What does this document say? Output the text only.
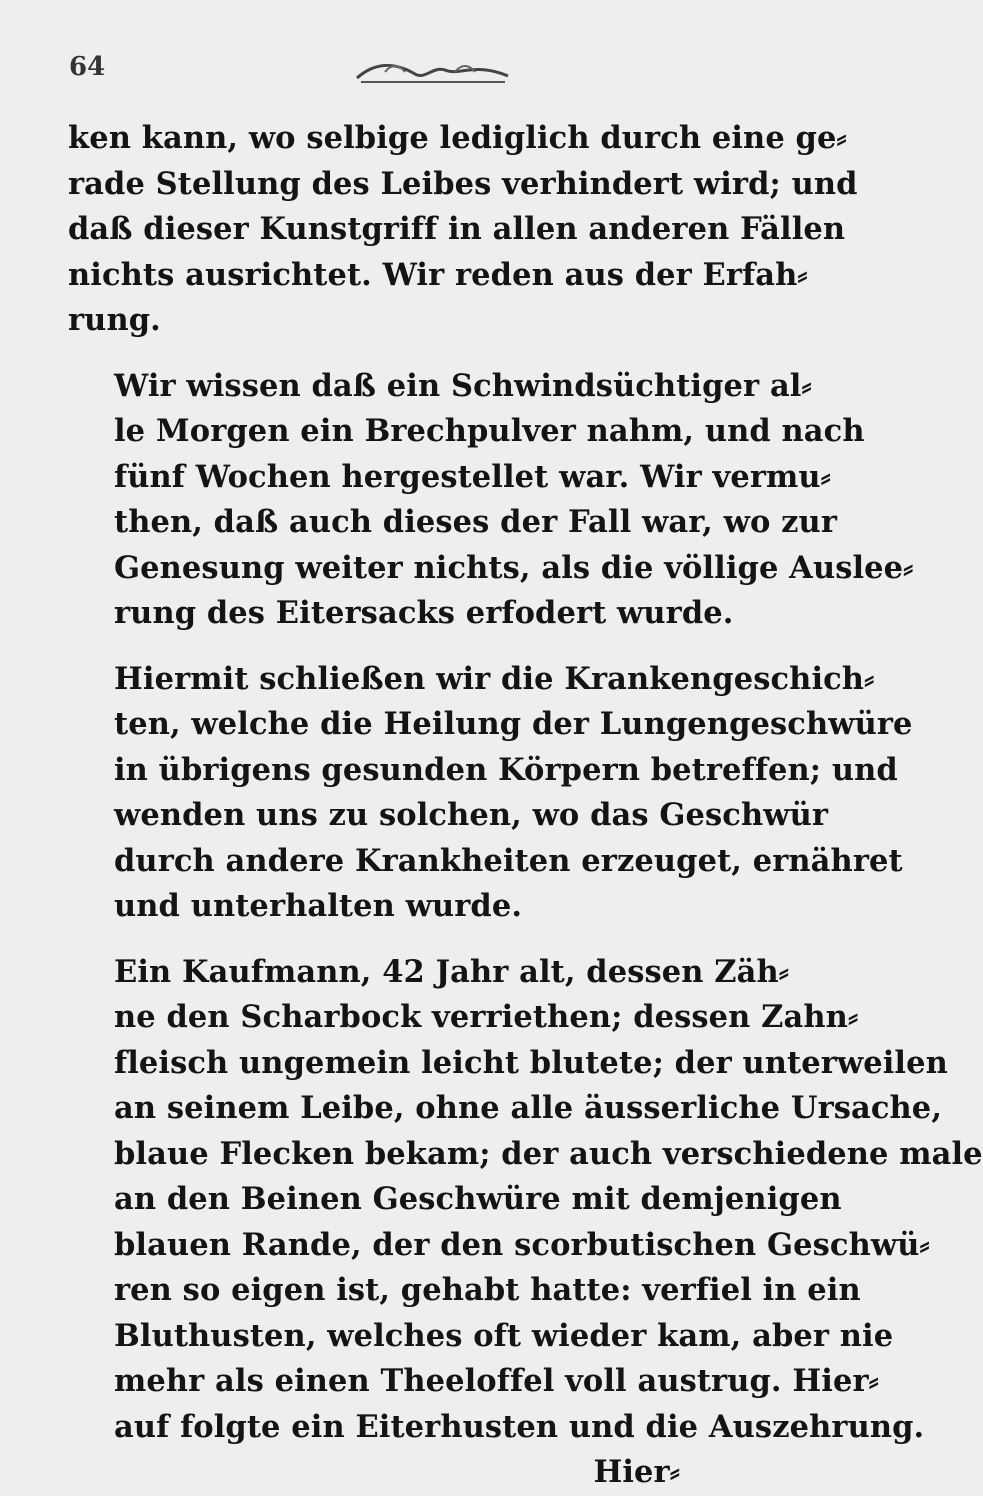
64

ken kann, wo selbige lediglich durch eine ge⸗
rade Stellung des Leibes verhindert wird; und
daß dieser Kunstgriff in allen anderen Fällen
nichts ausrichtet. Wir reden aus der Erfah⸗
rung.

Wir wissen daß ein Schwindsüchtiger al⸗
le Morgen ein Brechpulver nahm, und nach
fünf Wochen hergestellet war. Wir vermu⸗
then, daß auch dieses der Fall war, wo zur
Genesung weiter nichts, als die völlige Auslee⸗
rung des Eitersacks erfodert wurde.

Hiermit schließen wir die Krankengeschich⸗
ten, welche die Heilung der Lungengeschwüre
in übrigens gesunden Körpern betreffen; und
wenden uns zu solchen, wo das Geschwür
durch andere Krankheiten erzeuget, ernähret
und unterhalten wurde.

Ein Kaufmann, 42 Jahr alt, dessen Zäh⸗
ne den Scharbock verriethen; dessen Zahn⸗
fleisch ungemein leicht blutete; der unterweilen
an seinem Leibe, ohne alle äusserliche Ursache,
blaue Flecken bekam; der auch verschiedene male
an den Beinen Geschwüre mit demjenigen
blauen Rande, der den scorbutischen Geschwü⸗
ren so eigen ist, gehabt hatte: verfiel in ein
Bluthusten, welches oft wieder kam, aber nie
mehr als einen Theeloffel voll austrug. Hier⸗
auf folgte ein Eiterhusten und die Auszehrung.
Hier⸗
